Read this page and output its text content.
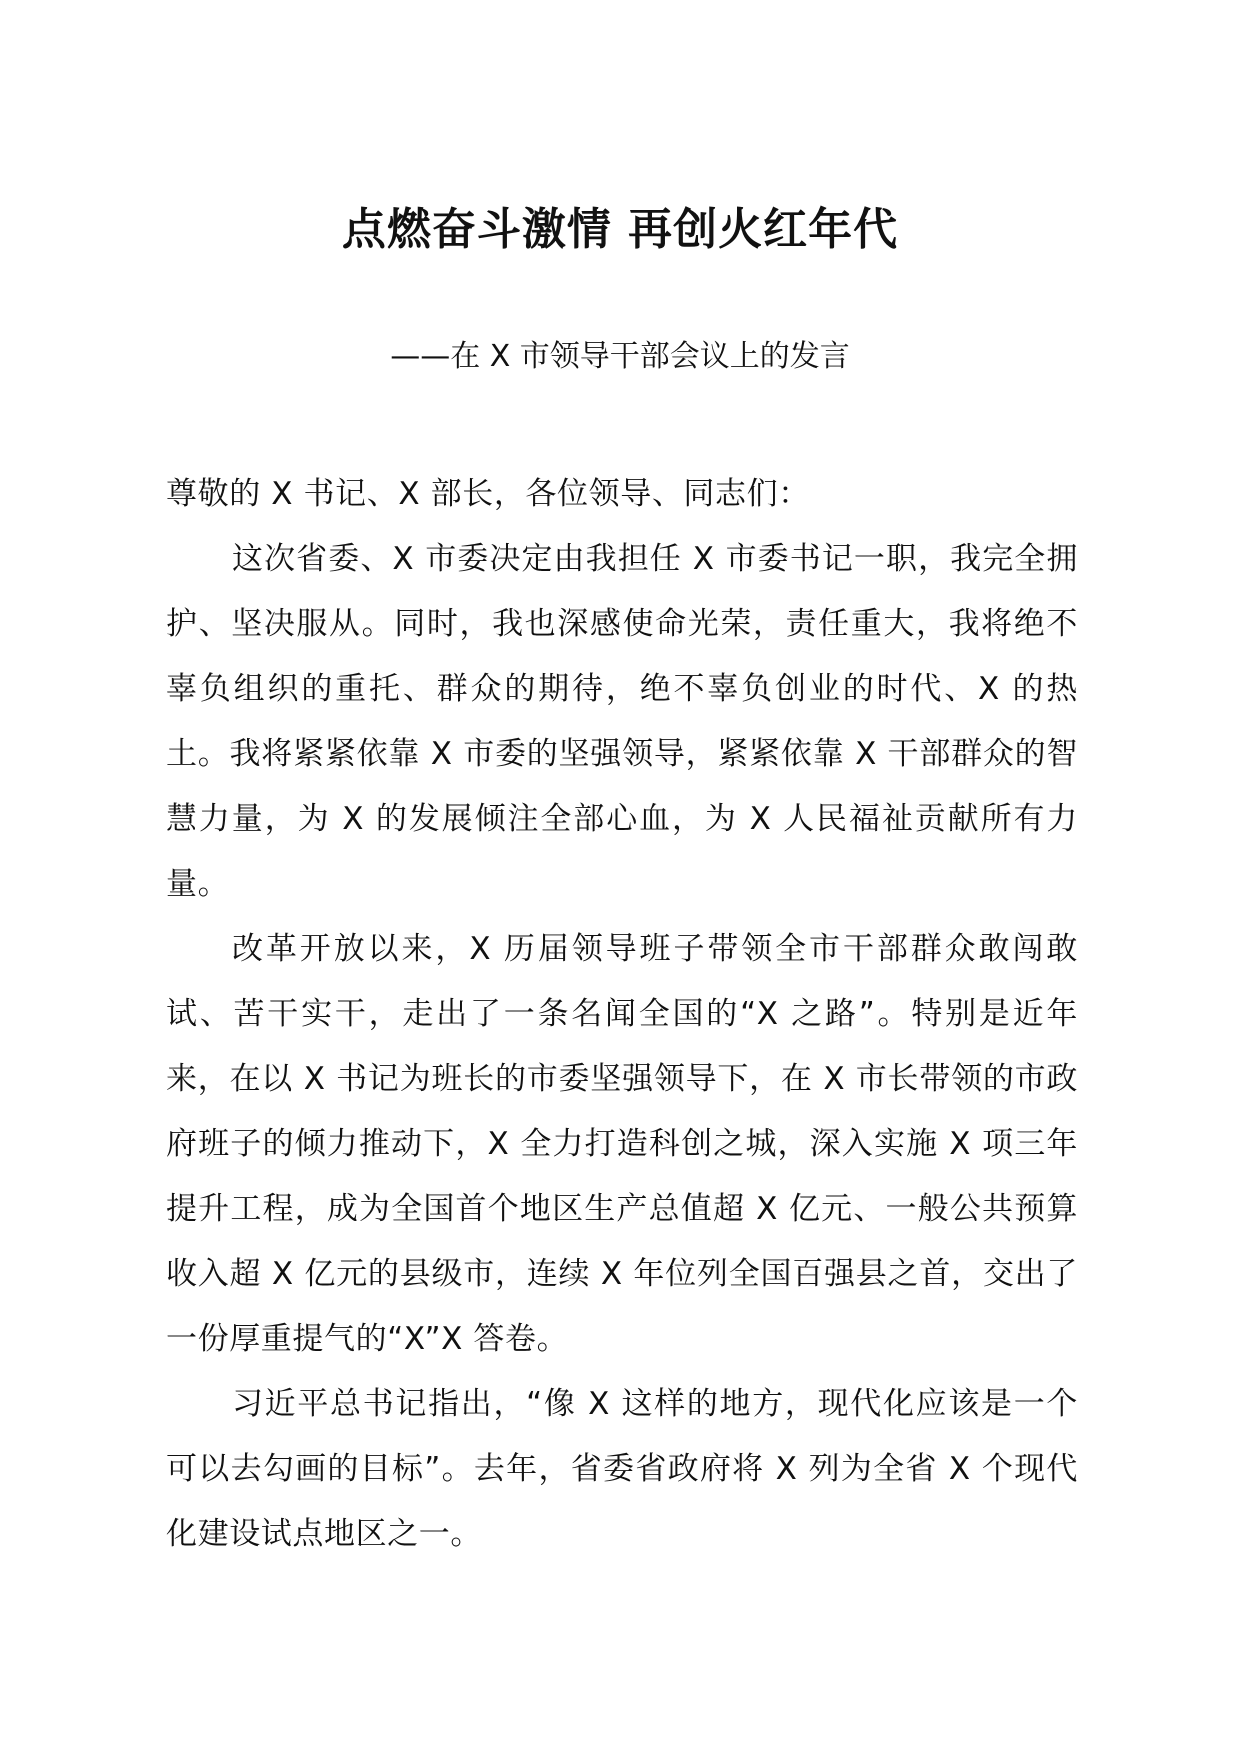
点燃奋斗激情 再创火红年代
——在 X 市领导干部会议上的发言

尊敬的 X 书记、X 部长，各位领导、同志们：

这次省委、X 市委决定由我担任 X 市委书记一职，我完全拥护、坚决服从。同时，我也深感使命光荣，责任重大，我将绝不辜负组织的重托、群众的期待，绝不辜负创业的时代、X 的热土。我将紧紧依靠 X 市委的坚强领导，紧紧依靠 X 干部群众的智慧力量，为 X 的发展倾注全部心血，为 X 人民福祉贡献所有力量。

改革开放以来，X 历届领导班子带领全市干部群众敢闯敢试、苦干实干，走出了一条名闻全国的“X 之路”。特别是近年来，在以 X 书记为班长的市委坚强领导下，在 X 市长带领的市政府班子的倾力推动下，X 全力打造科创之城，深入实施 X 项三年提升工程，成为全国首个地区生产总值超 X 亿元、一般公共预算收入超 X 亿元的县级市，连续 X 年位列全国百强县之首，交出了一份厚重提气的“X”X 答卷。

习近平总书记指出，“像 X 这样的地方，现代化应该是一个可以去勾画的目标”。去年，省委省政府将 X 列为全省 X 个现代化建设试点地区之一。
